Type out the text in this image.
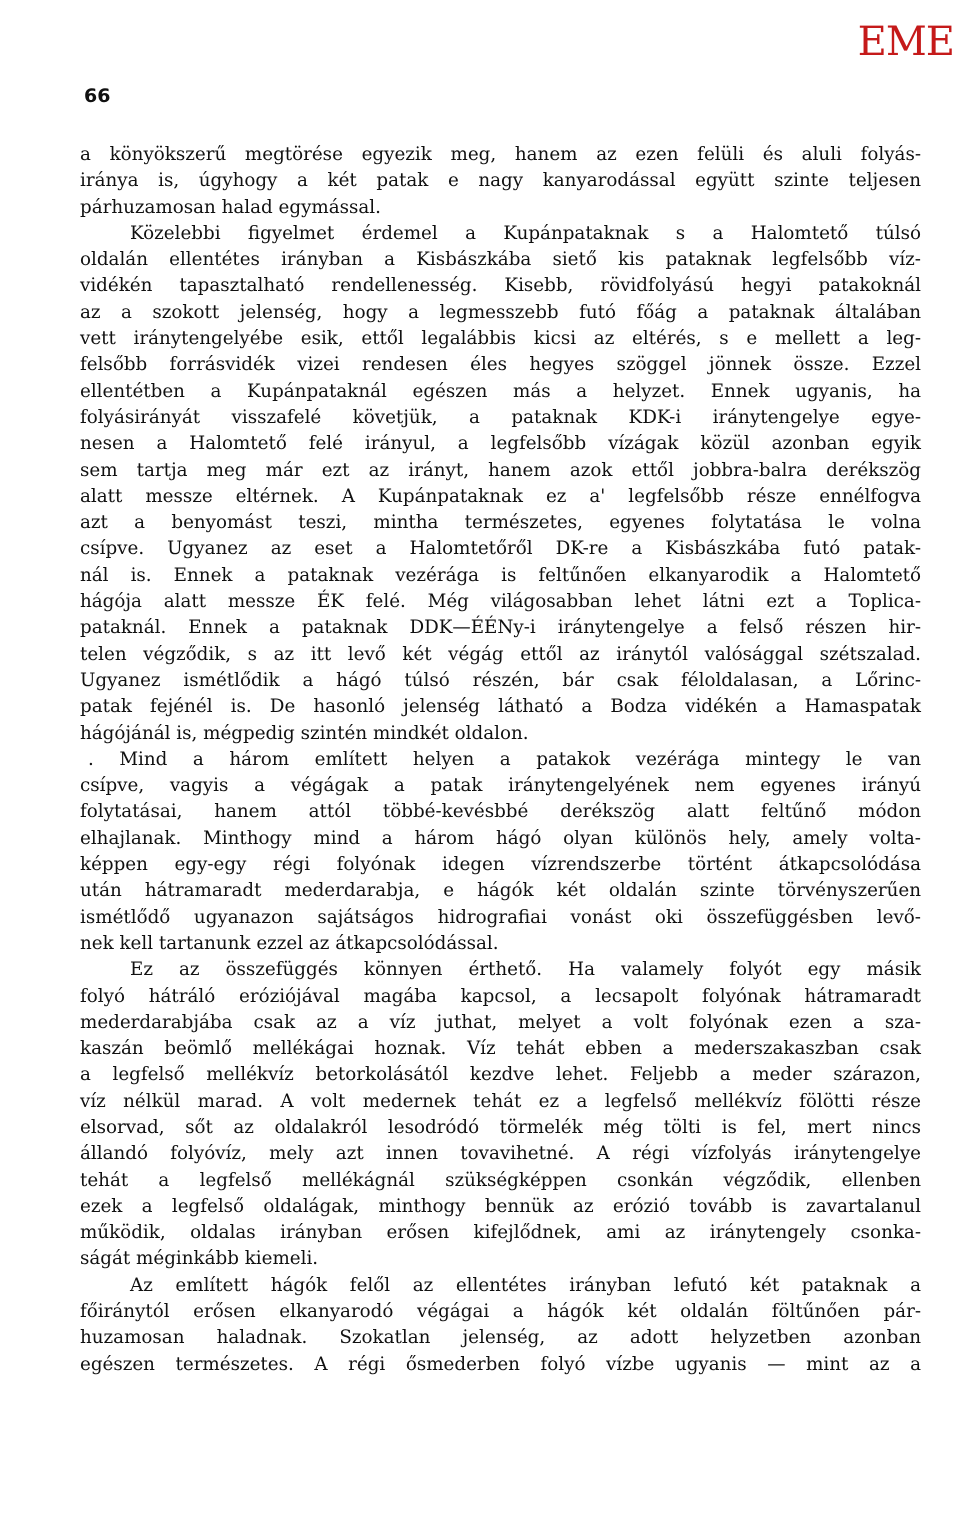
EME
66
a könyökszerű megtörése egyezik meg, hanem az ezen felüli és aluli folyás-
iránya is, úgyhogy a két patak e nagy kanyarodással együtt szinte teljesen
párhuzamosan halad egymással.
Közelebbi figyelmet érdemel a Kupánpataknak s a Halomtető túlsó
oldalán ellentétes irányban a Kisbászkába siető kis pataknak legfelsőbb víz-
vidékén tapasztalható rendellenesség. Kisebb, rövidfolyású hegyi patakoknál
az a szokott jelenség, hogy a legmesszebb futó főág a pataknak általában
vett iránytengelyébe esik, ettől legalábbis kicsi az eltérés, s e mellett a leg-
felsőbb forrásvidék vizei rendesen éles hegyes szöggel jönnek össze. Ezzel
ellentétben a Kupánpataknál egészen más a helyzet. Ennek ugyanis, ha
folyásirányát visszafelé követjük, a pataknak KDK-i iránytengelye egye-
nesen a Halomtető felé irányul, a legfelsőbb vízágak közül azonban egyik
sem tartja meg már ezt az irányt, hanem azok ettől jobbra-balra derékszög
alatt messze eltérnek. A Kupánpataknak ez a' legfelsőbb része ennélfogva
azt a benyomást teszi, mintha természetes, egyenes folytatása le volna
csípve. Ugyanez az eset a Halomtetőről DK-re a Kisbászkába futó patak-
nál is. Ennek a pataknak vezérága is feltűnően elkanyarodik a Halomtető
hágója alatt messze ÉK felé. Még világosabban lehet látni ezt a Toplica-
pataknál. Ennek a pataknak DDK—ÉÉNy-i iránytengelye a felső részen hir-
telen végződik, s az itt levő két végág ettől az iránytól valósággal szétszalad.
Ugyanez ismétlődik a hágó túlsó részén, bár csak féloldalasan, a Lőrinc-
patak fejénél is. De hasonló jelenség látható a Bodza vidékén a Hamaspatak
hágójánál is, mégpedig szintén mindkét oldalon.
. Mind a három említett helyen a patakok vezérága mintegy le van
csípve, vagyis a végágak a patak iránytengelyének nem egyenes irányú
folytatásai, hanem attól többé-kevésbbé derékszög alatt feltűnő módon
elhajlanak. Minthogy mind a három hágó olyan különös hely, amely volta-
képpen egy-egy régi folyónak idegen vízrendszerbe történt átkapcsolódása
után hátramaradt mederdarabja, e hágók két oldalán szinte törvényszerűen
ismétlődő ugyanazon sajátságos hidrografiai vonást oki összefüggésben levő-
nek kell tartanunk ezzel az átkapcsolódással.
Ez az összefüggés könnyen érthető. Ha valamely folyót egy másik
folyó hátráló eróziójával magába kapcsol, a lecsapolt folyónak hátramaradt
mederdarabjába csak az a víz juthat, melyet a volt folyónak ezen a sza-
kaszán beömlő mellékágai hoznak. Víz tehát ebben a mederszakaszban csak
a legfelső mellékvíz betorkolásától kezdve lehet. Feljebb a meder szárazon,
víz nélkül marad. A volt medernek tehát ez a legfelső mellékvíz fölötti része
elsorvad, sőt az oldalakról lesodródó törmelék még tölti is fel, mert nincs
állandó folyóvíz, mely azt innen tovavihetné. A régi vízfolyás iránytengelye
tehát a legfelső mellékágnál szükségképpen csonkán végződik, ellenben
ezek a legfelső oldalágak, minthogy bennük az erózió tovább is zavartalanul
működik, oldalas irányban erősen kifejlődnek, ami az iránytengely csonka-
ságát méginkább kiemeli.
Az említett hágók felől az ellentétes irányban lefutó két pataknak a
főiránytól erősen elkanyarodó végágai a hágók két oldalán föltűnően pár-
huzamosan haladnak. Szokatlan jelenség, az adott helyzetben azonban
egészen természetes. A régi ősmederben folyó vízbe ugyanis — mint az a
